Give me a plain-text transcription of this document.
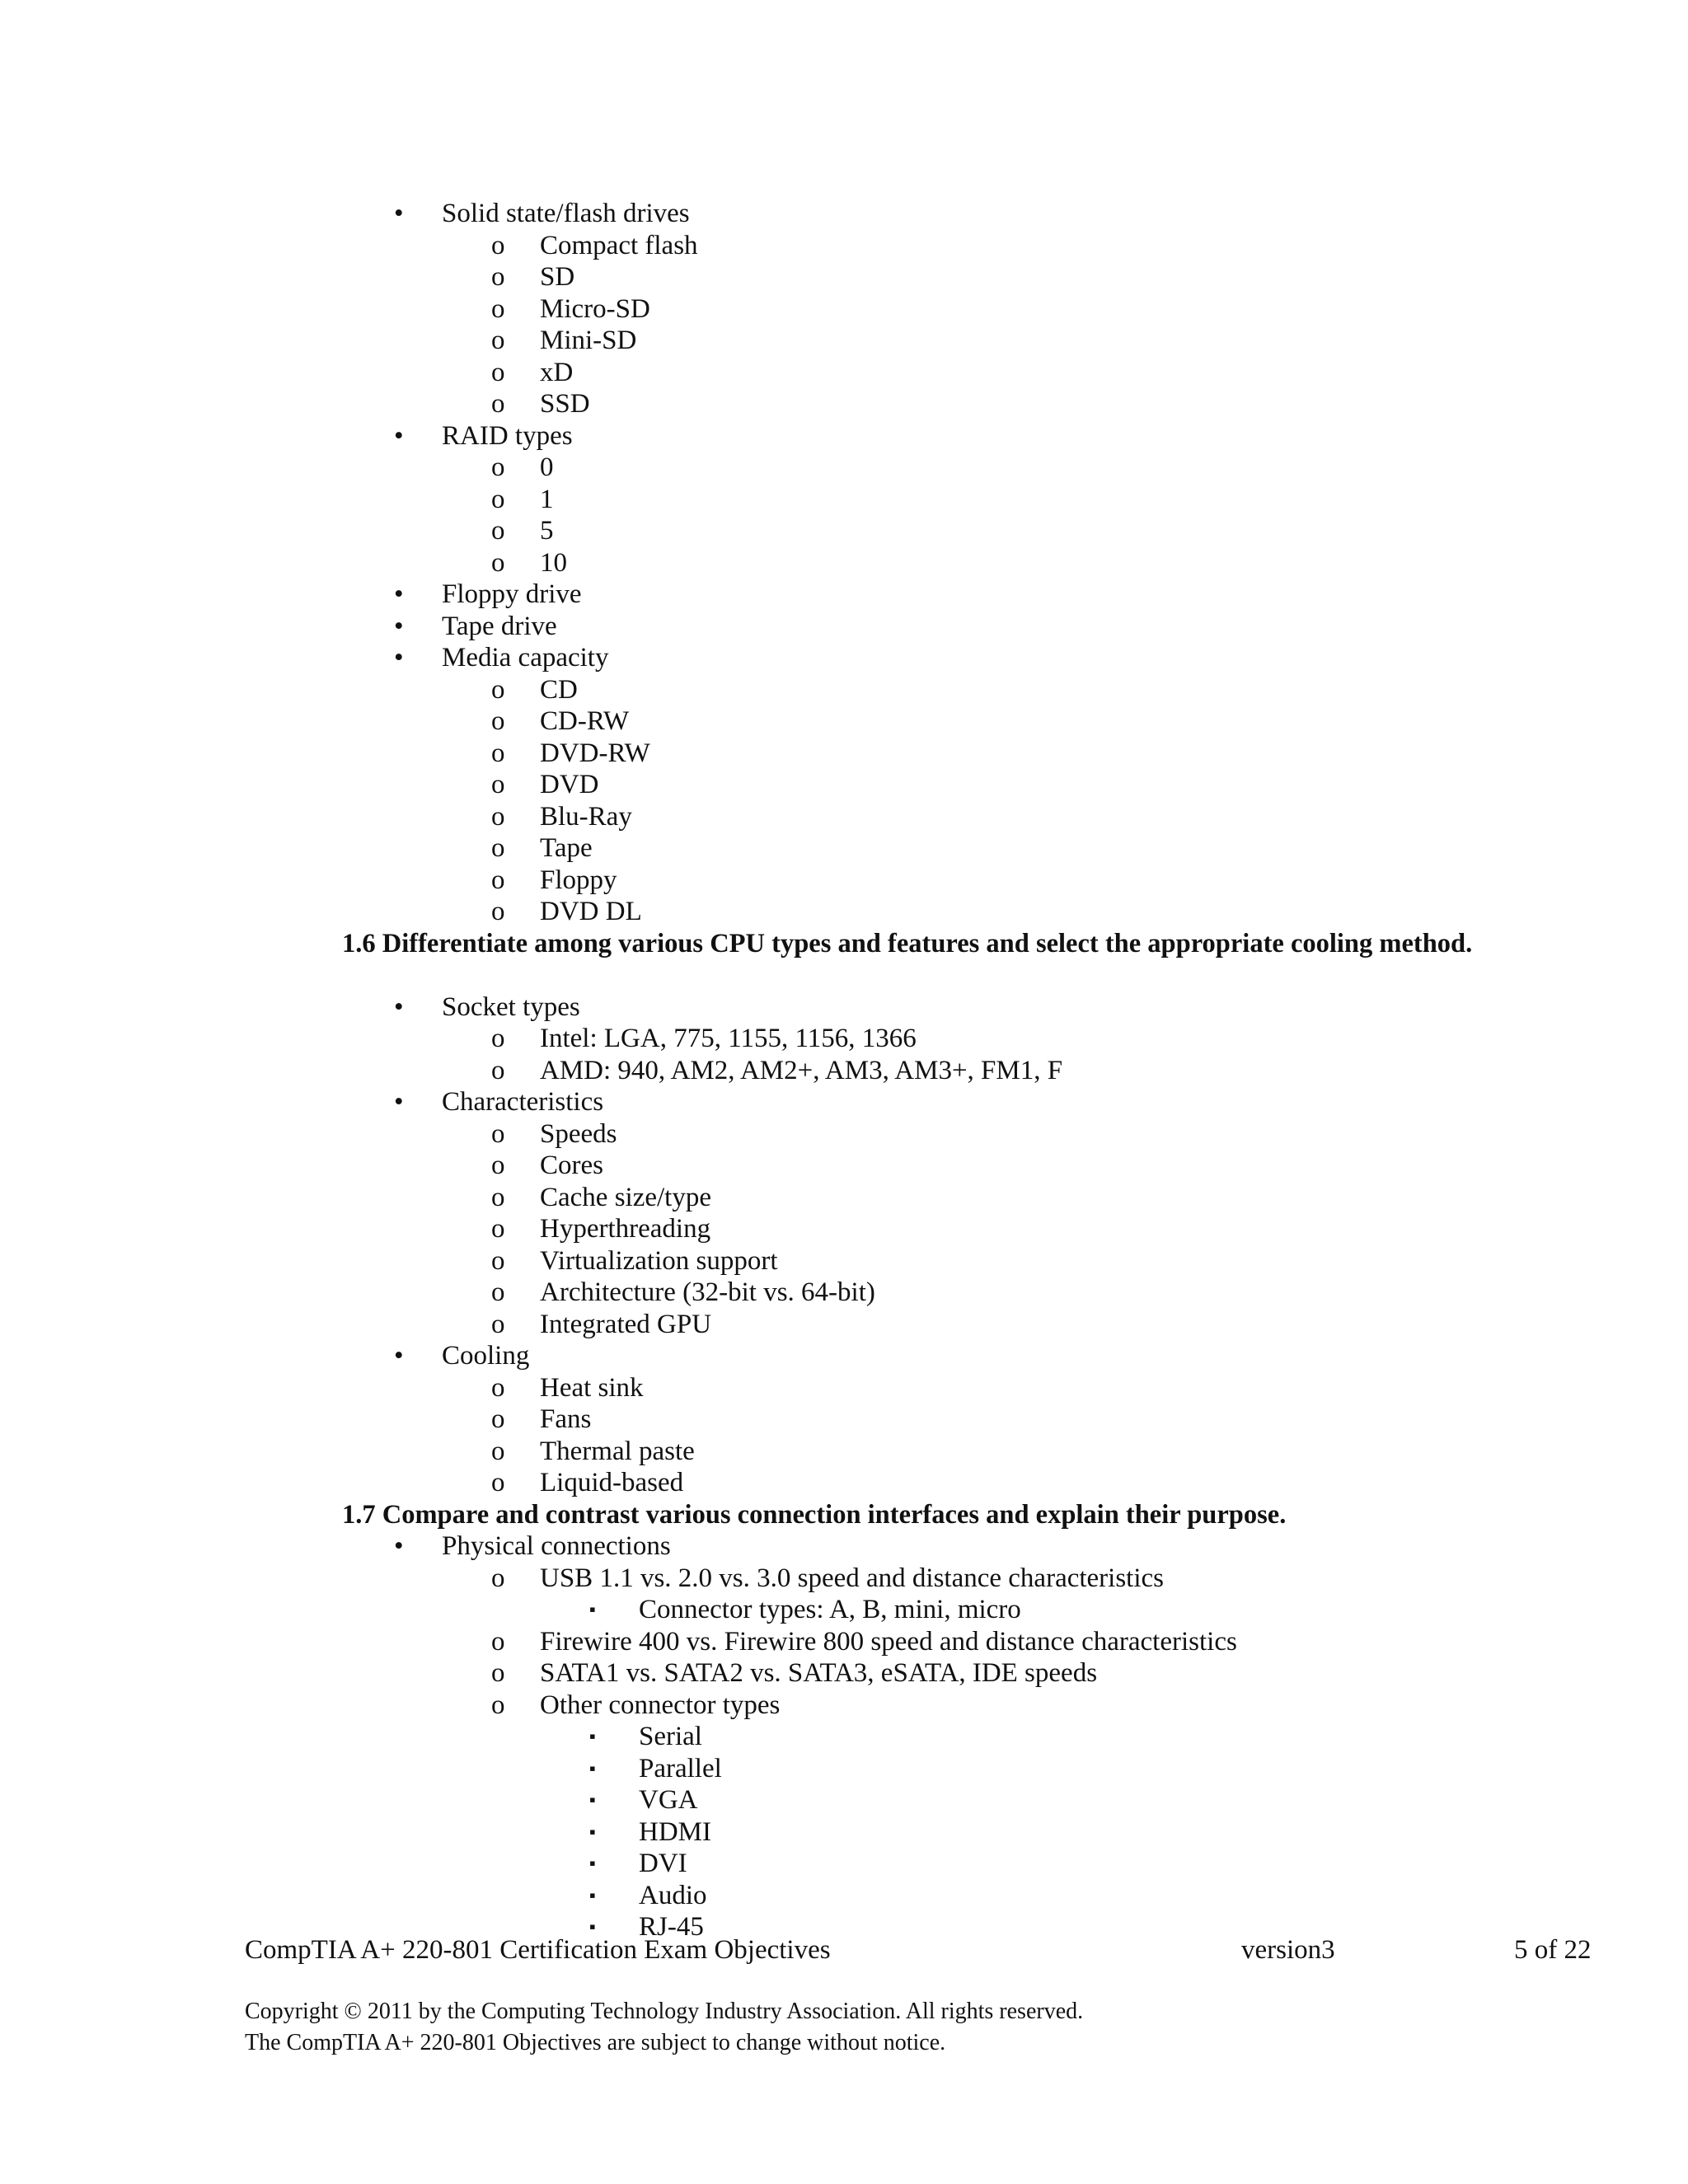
• Solid state/flash drives
o Compact flash
o SD
o Micro-SD
o Mini-SD
o xD
o SSD
• RAID types
o 0
o 1
o 5
o 10
• Floppy drive
• Tape drive
• Media capacity
o CD
o CD-RW
o DVD-RW
o DVD
o Blu-Ray
o Tape
o Floppy
o DVD DL
1.6 Differentiate among various CPU types and features and select the appropriate cooling method.
• Socket types
o Intel: LGA, 775, 1155, 1156, 1366
o AMD: 940, AM2, AM2+, AM3, AM3+, FM1, F
• Characteristics
o Speeds
o Cores
o Cache size/type
o Hyperthreading
o Virtualization support
o Architecture (32-bit vs. 64-bit)
o Integrated GPU
• Cooling
o Heat sink
o Fans
o Thermal paste
o Liquid-based
1.7 Compare and contrast various connection interfaces and explain their purpose.
• Physical connections
o USB 1.1 vs. 2.0 vs. 3.0 speed and distance characteristics
▪ Connector types: A, B, mini, micro
o Firewire 400 vs. Firewire 800 speed and distance characteristics
o SATA1 vs. SATA2 vs. SATA3, eSATA, IDE speeds
o Other connector types
▪ Serial
▪ Parallel
▪ VGA
▪ HDMI
▪ DVI
▪ Audio
▪ RJ-45
CompTIA A+ 220-801 Certification Exam Objectives	version3	5 of 22
Copyright © 2011 by the Computing Technology Industry Association. All rights reserved.
The CompTIA A+ 220-801 Objectives are subject to change without notice.
